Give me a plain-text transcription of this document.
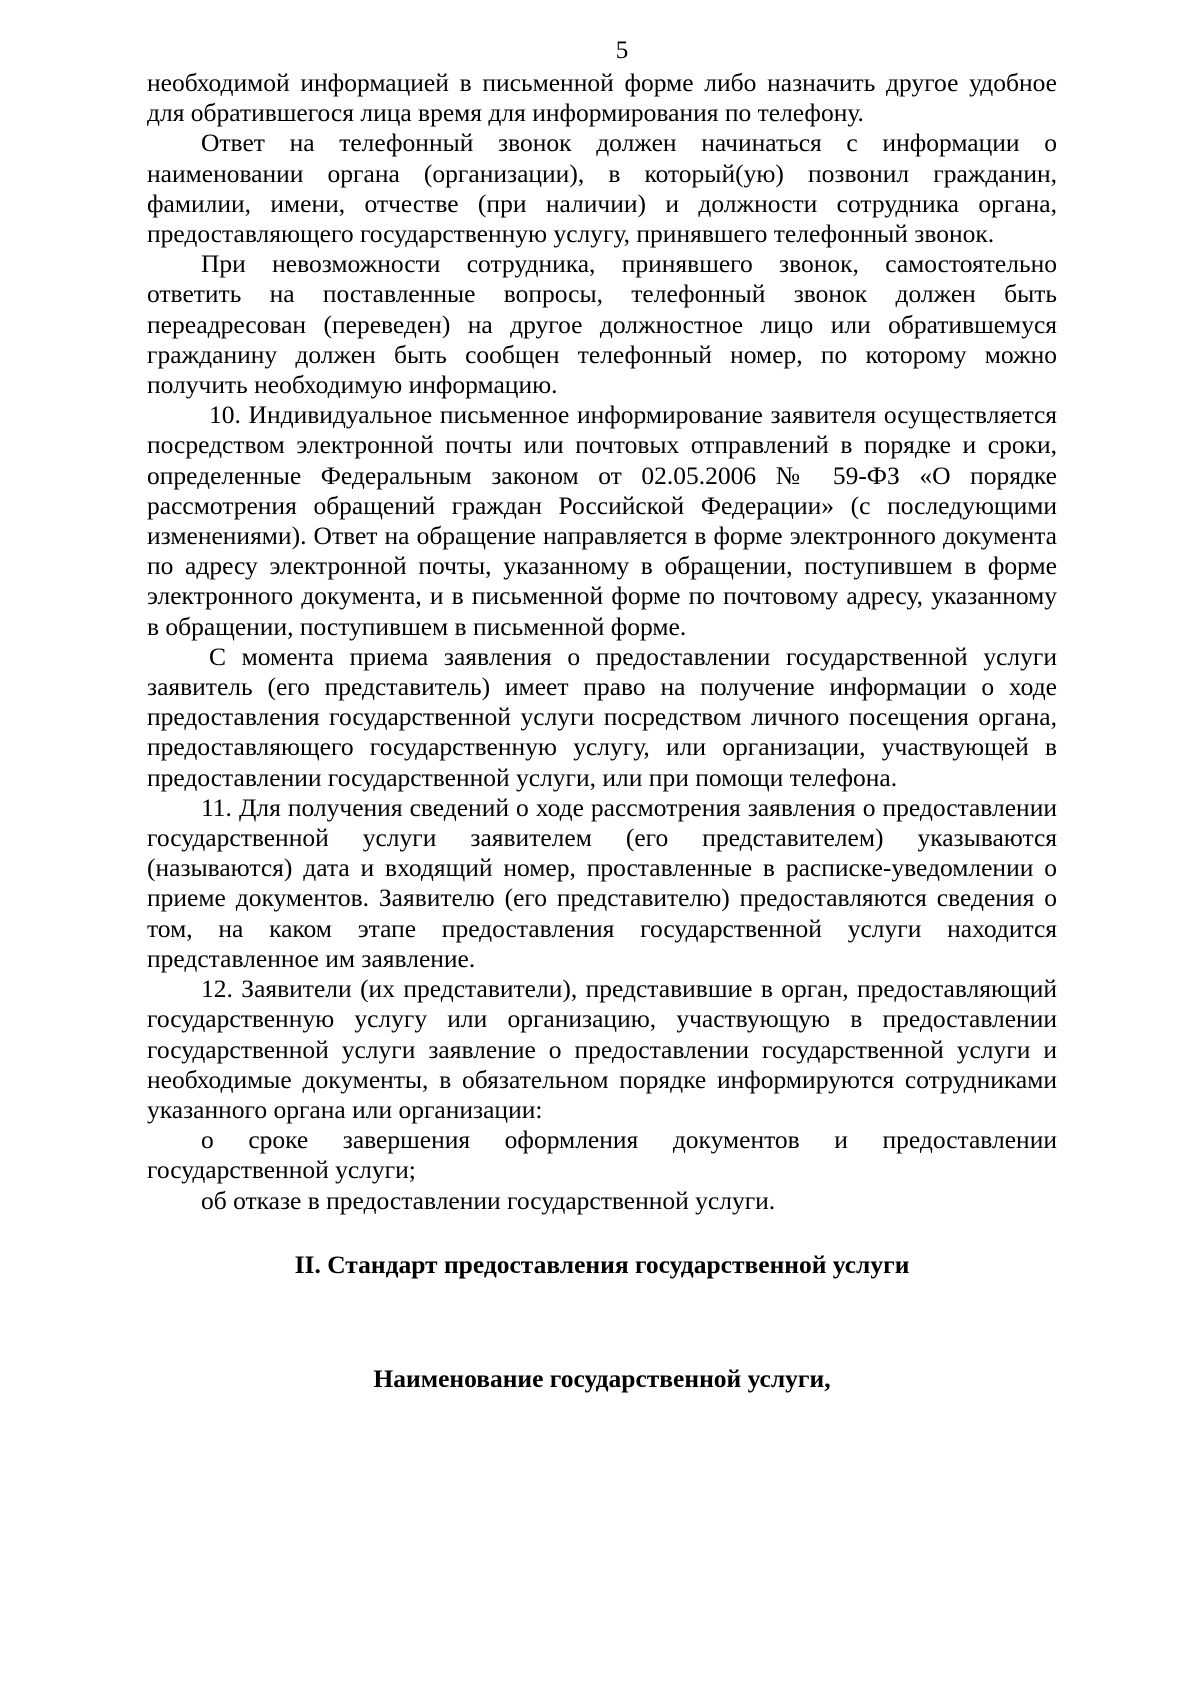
5

необходимой информацией в письменной форме либо назначить другое удобное для обратившегося лица время для информирования по телефону.

Ответ на телефонный звонок должен начинаться с информации о наименовании органа (организации), в который(ую) позвонил гражданин, фамилии, имени, отчестве (при наличии) и должности сотрудника органа, предоставляющего государственную услугу, принявшего телефонный звонок.

При невозможности сотрудника, принявшего звонок, самостоятельно ответить на поставленные вопросы, телефонный звонок должен быть переадресован (переведен) на другое должностное лицо или обратившемуся гражданину должен быть сообщен телефонный номер, по которому можно получить необходимую информацию.

10. Индивидуальное письменное информирование заявителя осуществляется посредством электронной почты или почтовых отправлений в порядке и сроки, определенные Федеральным законом от 02.05.2006 № 59-ФЗ «О порядке рассмотрения обращений граждан Российской Федерации» (с последующими изменениями). Ответ на обращение направляется в форме электронного документа по адресу электронной почты, указанному в обращении, поступившем в форме электронного документа, и в письменной форме по почтовому адресу, указанному в обращении, поступившем в письменной форме.

С момента приема заявления о предоставлении государственной услуги заявитель (его представитель) имеет право на получение информации о ходе предоставления государственной услуги посредством личного посещения органа, предоставляющего государственную услугу, или организации, участвующей в предоставлении государственной услуги, или при помощи телефона.

11. Для получения сведений о ходе рассмотрения заявления о предоставлении государственной услуги заявителем (его представителем) указываются (называются) дата и входящий номер, проставленные в расписке-уведомлении о приеме документов. Заявителю (его представителю) предоставляются сведения о том, на каком этапе предоставления государственной услуги находится представленное им заявление.

12. Заявители (их представители), представившие в орган, предоставляющий государственную услугу или организацию, участвующую в предоставлении государственной услуги заявление о предоставлении государственной услуги и необходимые документы, в обязательном порядке информируются сотрудниками указанного органа или организации:

о сроке завершения оформления документов и предоставлении государственной услуги;

об отказе в предоставлении государственной услуги.

II. Стандарт предоставления государственной услуги
Наименование государственной услуги,
